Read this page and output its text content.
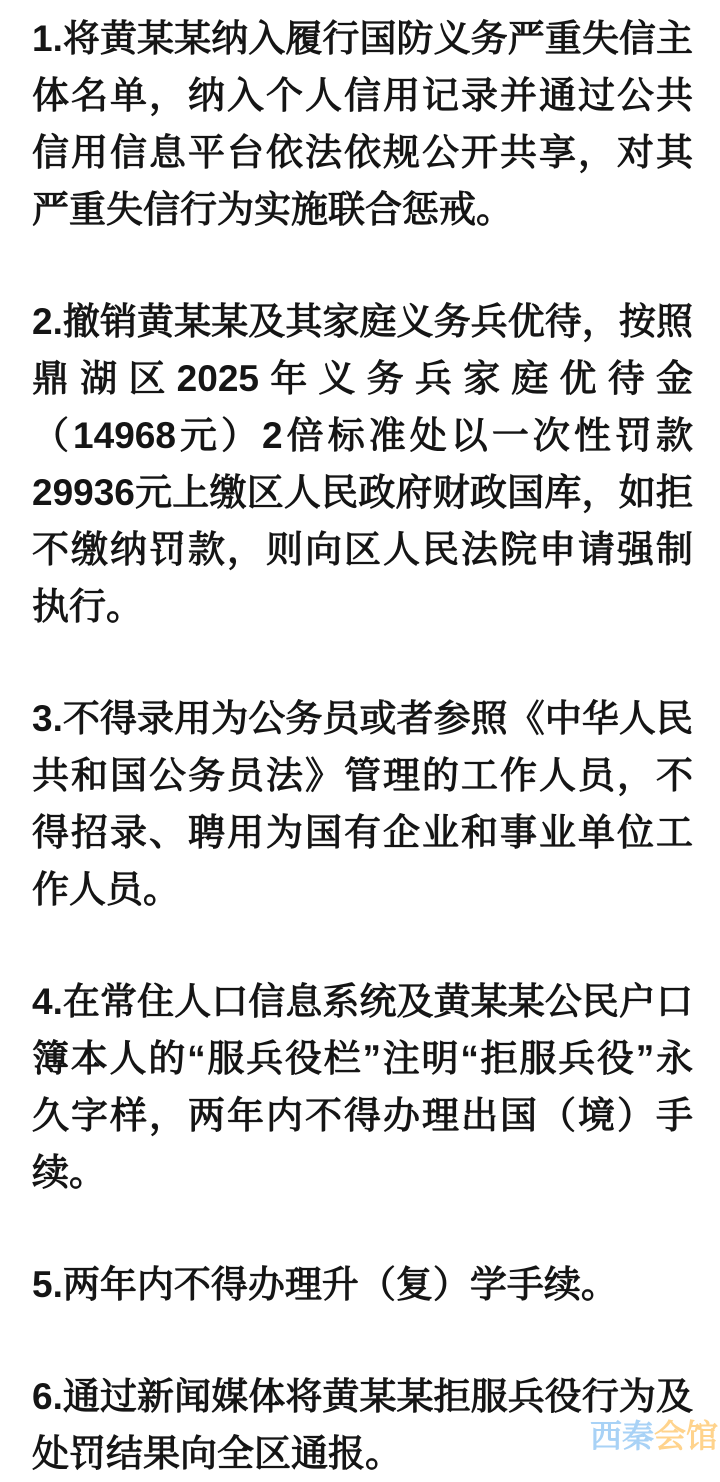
1.将黄某某纳入履行国防义务严重失信主体名单，纳入个人信用记录并通过公共信用信息平台依法依规公开共享，对其严重失信行为实施联合惩戒。

2.撤销黄某某及其家庭义务兵优待，按照鼎湖区2025年义务兵家庭优待金（14968元）2倍标准处以一次性罚款29936元上缴区人民政府财政国库，如拒不缴纳罚款，则向区人民法院申请强制执行。

3.不得录用为公务员或者参照《中华人民共和国公务员法》管理的工作人员，不得招录、聘用为国有企业和事业单位工作人员。

4.在常住人口信息系统及黄某某公民户口簿本人的“服兵役栏”注明“拒服兵役”永久字样，两年内不得办理出国（境）手续。

5.两年内不得办理升（复）学手续。

6.通过新闻媒体将黄某某拒服兵役行为及处罚结果向全区通报。	西秦会馆
